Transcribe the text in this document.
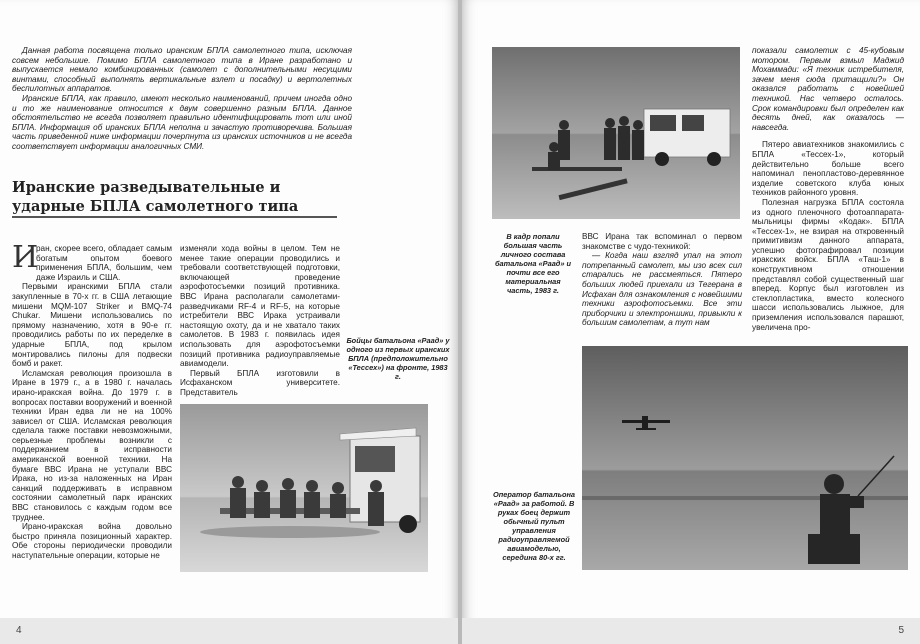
Данная работа посвящена только иранским БПЛА самолетного типа, исключая совсем небольшие. Помимо БПЛА самолетного типа в Иране разработано и выпускается немало комбинированных (самолет с дополнительными несущими винтами, способный выполнять вертикальные взлет и посадку) и вертолетных беспилотных аппаратов.

Иранские БПЛА, как правило, имеют несколько наименований, причем иногда одно и то же наименование относится к двум совершенно разным БПЛА. Данное обстоятельство не всегда позволяет правильно идентифицировать тот или иной БПЛА. Информация об иранских БПЛА неполна и зачастую противоречива. Большая часть приведенной ниже информации почерпнута из иранских источников и не всегда соответствует информации аналогичных СМИ.

Иранские разведывательные и ударные БПЛА самолетного типа
И

ран, скорее всего, обладает самым богатым опытом боевого применения БПЛА, большим, чем даже Израиль и США.

Первыми иранскими БПЛА стали закупленные в 70-х гг. в США летающие мишени MQM-107 Striker и BMQ-74 Chukar. Мишени использовались по прямому назначению, хотя в 90-е гг. проводились работы по их переделке в ударные БПЛА, под крылом монтировались пилоны для подвески бомб и ракет.

Исламская революция произошла в Иране в 1979 г., а в 1980 г. началась ирано-иракская война. До 1979 г. в вопросах поставки вооружений и военной техники Иран едва ли не на 100% зависел от США. Исламская революция сделала также поставки невозможными, серьезные проблемы возникли с поддержанием в исправности американской военной техники. На бумаге ВВС Ирана не уступали ВВС Ирака, но из-за наложенных на Иран санкций поддерживать в исправном состоянии самолетный парк иранских ВВС становилось с каждым годом все труднее.

Ирано-иракская война довольно быстро приняла позиционный характер. Обе стороны периодически проводили наступательные операции, которые не

изменяли хода войны в целом. Тем не менее такие операции проводились и требовали соответствующей подготовки, включающей проведение аэрофотосъемки позиций противника. ВВС Ирана располагали самолетами-разведчиками RF-4 и RF-5, на которые истребители ВВС Ирака устраивали настоящую охоту, да и не хватало таких самолетов. В 1983 г. появилась идея использовать для аэрофотосъемки позиций противника радиоуправляемые авиамодели.

Первый БПЛА изготовили в Исфаханском университете. Представитель

Бойцы батальона «Раад» у одного из первых иранских БПЛА (предположительно «Тессех») на фронте, 1983 г.
4

показали самолетик с 45-кубовым мотором. Первым взмыл Маджид Мохаммади: «Я техник истребителя, зачем меня сюда притащили?» Он оказался работать с новейшей техникой. Нас четверо осталось. Срок командировки был определен как десять дней, как оказалось — навсегда.

Пятеро авиатехников знакомились с БПЛА «Тессех-1», который действительно больше всего напоминал пенопластово-деревянное изделие советского клуба юных техников районного уровня.

Полезная нагрузка БПЛА состояла из одного пленочного фотоаппарата-мыльницы фирмы «Кодак». БПЛА «Тессех-1», не взирая на откровенный примитивизм данного аппарата, успешно фотографировал позиции иракских войск. БПЛА «Таш-1» в конструктивном отношении представлял собой существенный шаг вперед. Корпус был изготовлен из стеклопластика, вместо колесного шасси использовались лыжное, для приземления использовался парашют, увеличена про-

В кадр попали большая часть личного состава батальона «Раад» и почти все его материальная часть, 1983 г.

ВВС Ирана так вспоминал о первом знакомстве с чудо-техникой:

— Когда наш взгляд упал на этот потрепанный самолет, мы изо всех сил старались не рассмеяться. Пятеро больших людей приехали из Тегерана в Исфахан для ознакомления с новейшими техники аэрофотосъемки. Все эти приборчики и электроншики, привыкли к большим самолетам, а тут нам

Оператор батальона «Раад» за работой. В руках боец держит обычный пульт управления радиоуправляемой авиамоделью, середина 80-х гг.
5
